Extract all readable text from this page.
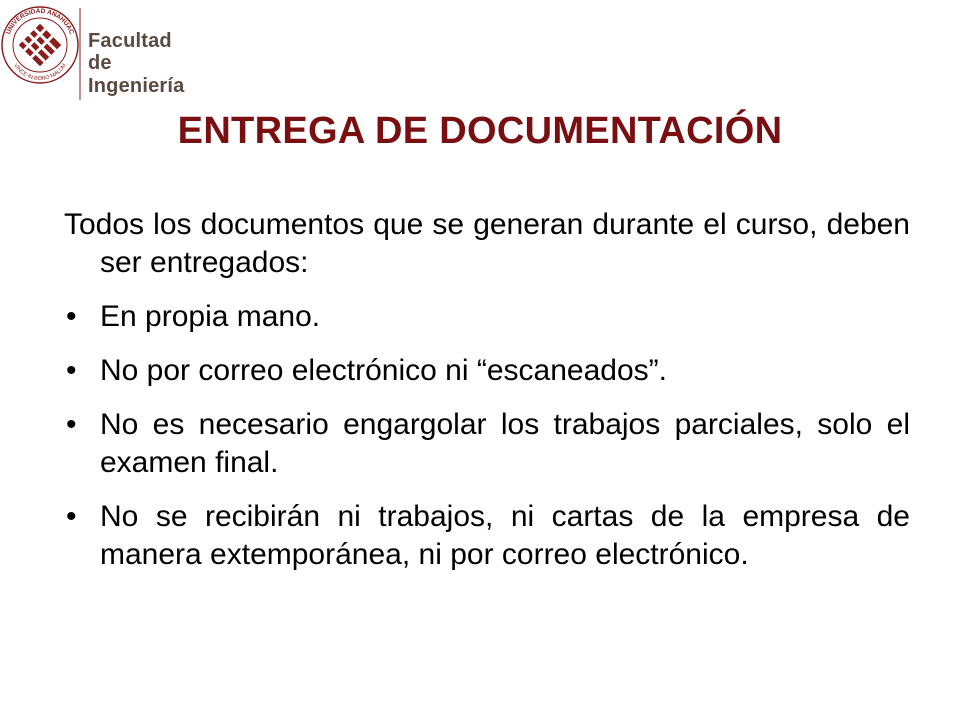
UNIVERSIDAD ANÁHUAC
VINCE IN BONO MALUM
Facultad
de Ingeniería
ENTREGA DE DOCUMENTACIÓN

Todos los documentos que se generan durante el curso, deben ser entregados:

• En propia mano.
• No por correo electrónico ni “escaneados”.
• No es necesario engargolar los trabajos parciales, solo el examen final.
• No se recibirán ni trabajos, ni cartas de la empresa de manera extemporánea, ni por correo electrónico.
